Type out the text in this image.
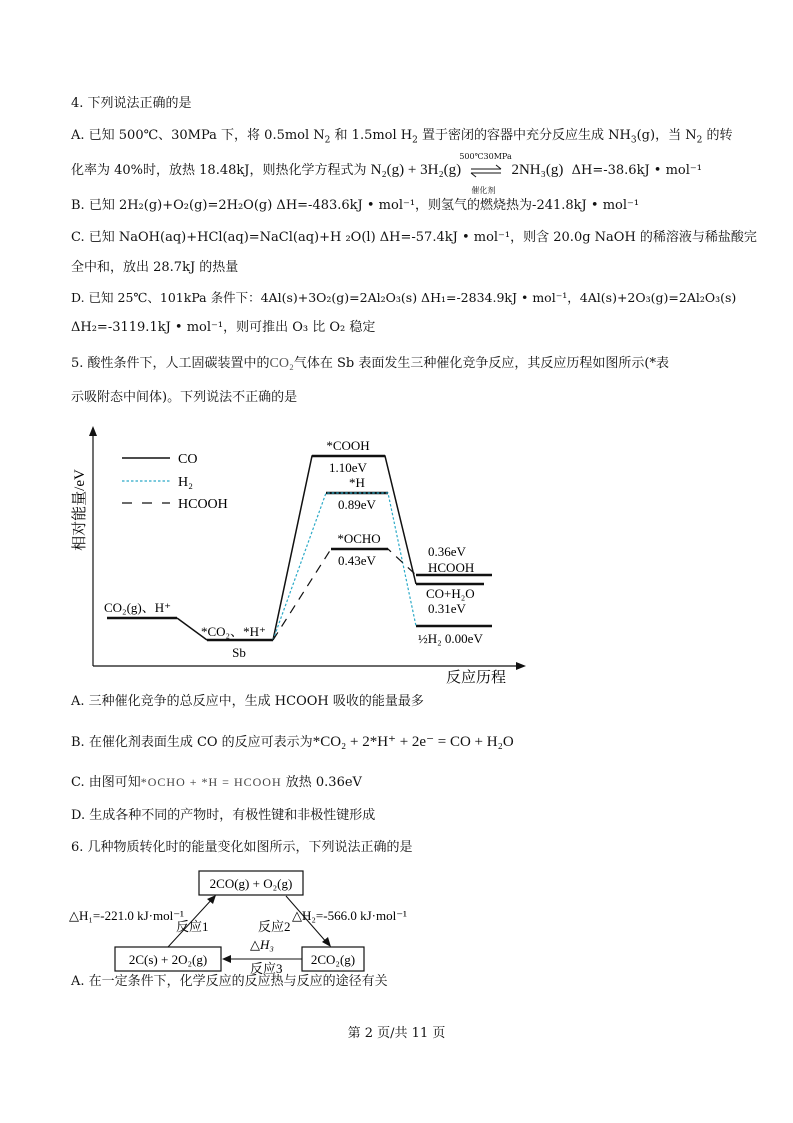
4. 下列说法正确的是
A. 已知 500℃、30MPa 下，将 0.5mol $N_2$ 和 1.5mol $H_2$ 置于密闭的容器中充分反应生成 $NH_3(g)$，当 $N_2$ 的转
化率为 40%时，放热 18.48kJ，则热化学方程式为 N₂(g) + 3H₂(g)
500℃30MPa
催化剂
2NH₃(g) ΔH=-38.6kJ • mol⁻¹
B. 已知 2H₂(g)+O₂(g)=2H₂O(g) ΔH=-483.6kJ • mol⁻¹，则氢气的燃烧热为-241.8kJ • mol⁻¹
C. 已知 NaOH(aq)+HCl(aq)=NaCl(aq)+H ₂O(l) ΔH=-57.4kJ • mol⁻¹，则含 20.0g NaOH 的稀溶液与稀盐酸完
全中和，放出 28.7kJ 的热量
D. 已知 25℃、101kPa 条件下：4Al(s)+3O₂(g)=2Al₂O₃(s) ΔH₁=-2834.9kJ • mol⁻¹，4Al(s)+2O₃(g)=2Al₂O₃(s)
ΔH₂=-3119.1kJ • mol⁻¹，则可推出 O₃ 比 O₂ 稳定
5. 酸性条件下，人工固碳装置中的CO₂气体在 Sb 表面发生三种催化竞争反应，其反应历程如图所示(*表
示吸附态中间体)。下列说法不正确的是
相对能量/eV
反应历程
CO
H₂
HCOOH
CO₂(g)、H⁺
*CO₂、*H⁺
Sb
*COOH
1.10eV
*H
0.89eV
*OCHO
0.43eV
0.36eV
HCOOH
CO+H₂O
0.31eV
½H₂ 0.00eV
A. 三种催化竞争的总反应中，生成 HCOOH 吸收的能量最多
B. 在催化剂表面生成 CO 的反应可表示为*CO₂ + 2*H⁺ + 2e⁻ = CO + H₂O
C. 由图可知*OCHO + *H = HCOOH 放热 0.36eV
D. 生成各种不同的产物时，有极性键和非极性键形成
6. 几种物质转化时的能量变化如图所示，下列说法正确的是
2CO(g) + O₂(g)
2C(s) + 2O₂(g)	2CO₂(g)
△H₁=-221.0 kJ·mol⁻¹	△H₂=-566.0 kJ·mol⁻¹
反应1	反应2
△H₃
反应3
A. 在一定条件下，化学反应的反应热与反应的途径有关
第 2 页/共 11 页
